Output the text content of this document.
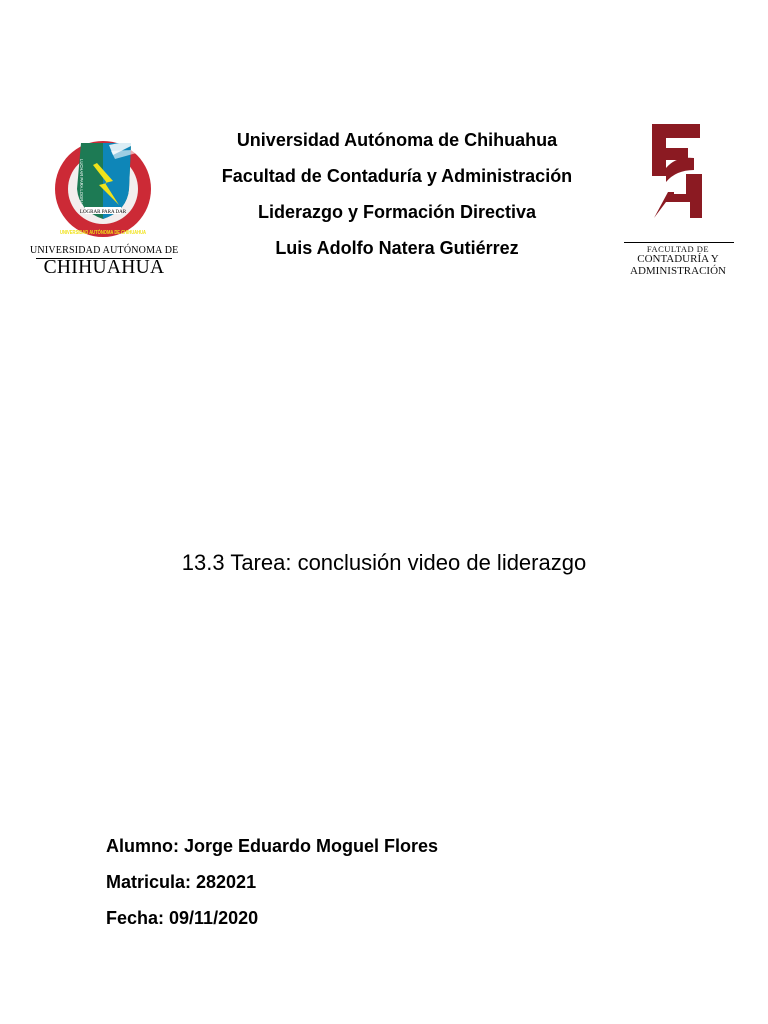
LOGRAR PARA DAR
LUCHAR PARA LOGRAR
UNIVERSIDAD AUTÓNOMA DE CHIHUAHUA
UNIVERSIDAD AUTÓNOMA DE
CHIHUAHUA
Universidad Autónoma de Chihuahua
Facultad de Contaduría y Administración
Liderazgo y Formación Directiva
Luis Adolfo Natera Gutiérrez	FACULTAD DE
CONTADURÍA Y
ADMINISTRACIÓN
13.3 Tarea: conclusión video de liderazgo
Alumno: Jorge Eduardo Moguel Flores
Matricula: 282021
Fecha: 09/11/2020
